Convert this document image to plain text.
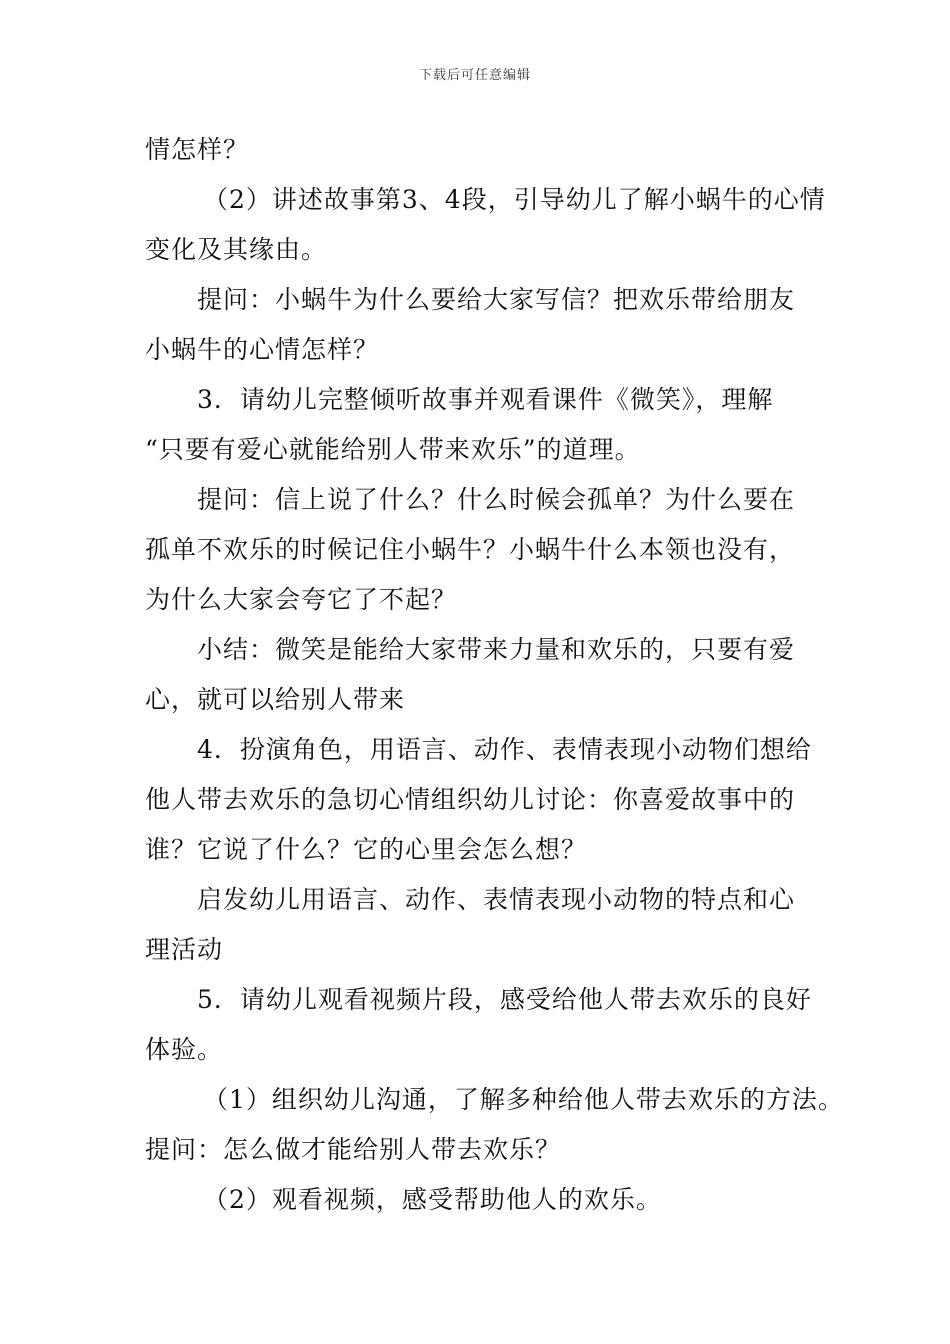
下载后可任意编辑
情怎样？
（2）讲述故事第3、4段，引导幼儿了解小蜗牛的心情
变化及其缘由。
提问：小蜗牛为什么要给大家写信？把欢乐带给朋友
小蜗牛的心情怎样？
3．请幼儿完整倾听故事并观看课件《微笑》，理解
“只要有爱心就能给别人带来欢乐”的道理。
提问：信上说了什么？什么时候会孤单？为什么要在
孤单不欢乐的时候记住小蜗牛？小蜗牛什么本领也没有，
为什么大家会夸它了不起？
小结：微笑是能给大家带来力量和欢乐的，只要有爱
心，就可以给别人带来
4．扮演角色，用语言、动作、表情表现小动物们想给
他人带去欢乐的急切心情组织幼儿讨论：你喜爱故事中的
谁？它说了什么？它的心里会怎么想？
启发幼儿用语言、动作、表情表现小动物的特点和心
理活动
5．请幼儿观看视频片段，感受给他人带去欢乐的良好
体验。
（1）组织幼儿沟通，了解多种给他人带去欢乐的方法。
提问：怎么做才能给别人带去欢乐？
（2）观看视频，感受帮助他人的欢乐。
